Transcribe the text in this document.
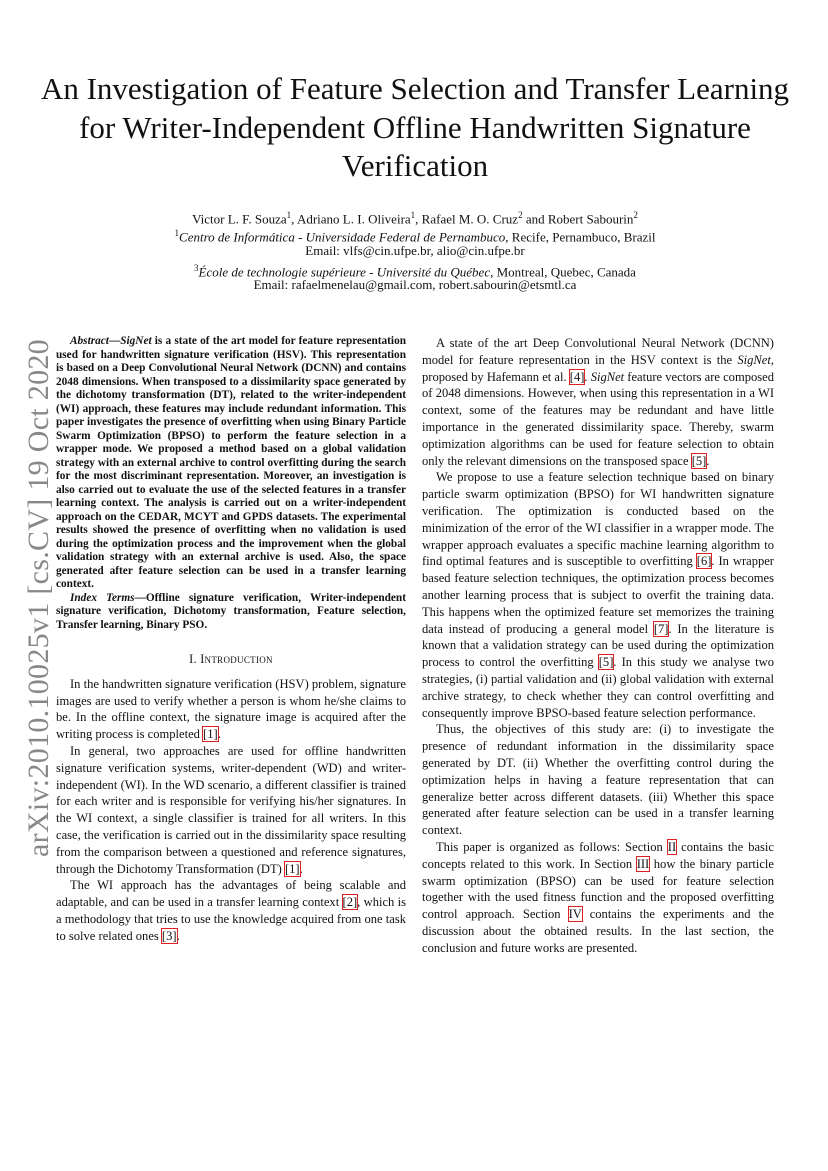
arXiv:2010.10025v1 [cs.CV] 19 Oct 2020
An Investigation of Feature Selection and Transfer Learning for Writer-Independent Offline Handwritten Signature Verification
Victor L. F. Souza$^1$, Adriano L. I. Oliveira$^1$, Rafael M. O. Cruz$^2$ and Robert Sabourin$^2$
$^1$Centro de Informática - Universidade Federal de Pernambuco, Recife, Pernambuco, Brazil
Email: vlfs@cin.ufpe.br, alio@cin.ufpe.br
$^3$École de technologie supérieure - Université du Québec, Montreal, Quebec, Canada
Email: rafaelmenelau@gmail.com, robert.sabourin@etsmtl.ca

Abstract—SigNet is a state of the art model for feature representation used for handwritten signature verification (HSV). This representation is based on a Deep Convolutional Neural Network (DCNN) and contains 2048 dimensions. When transposed to a dissimilarity space generated by the dichotomy transformation (DT), related to the writer-independent (WI) approach, these features may include redundant information. This paper investigates the presence of overfitting when using Binary Particle Swarm Optimization (BPSO) to perform the feature selection in a wrapper mode. We proposed a method based on a global validation strategy with an external archive to control overfitting during the search for the most discriminant representation. Moreover, an investigation is also carried out to evaluate the use of the selected features in a transfer learning context. The analysis is carried out on a writer-independent approach on the CEDAR, MCYT and GPDS datasets. The experimental results showed the presence of overfitting when no validation is used during the optimization process and the improvement when the global validation strategy with an external archive is used. Also, the space generated after feature selection can be used in a transfer learning context.

Index Terms—Offline signature verification, Writer-independent signature verification, Dichotomy transformation, Feature selection, Transfer learning, Binary PSO.

I. Introduction

In the handwritten signature verification (HSV) problem, signature images are used to verify whether a person is whom he/she claims to be. In the offline context, the signature image is acquired after the writing process is completed [1].

In general, two approaches are used for offline handwritten signature verification systems, writer-dependent (WD) and writer-independent (WI). In the WD scenario, a different classifier is trained for each writer and is responsible for verifying his/her signatures. In the WI context, a single classifier is trained for all writers. In this case, the verification is carried out in the dissimilarity space resulting from the comparison between a questioned and reference signatures, through the Dichotomy Transformation (DT) [1].

The WI approach has the advantages of being scalable and adaptable, and can be used in a transfer learning context [2], which is a methodology that tries to use the knowledge acquired from one task to solve related ones [3].

A state of the art Deep Convolutional Neural Network (DCNN) model for feature representation in the HSV context is the SigNet, proposed by Hafemann et al. [4]. SigNet feature vectors are composed of 2048 dimensions. However, when using this representation in a WI context, some of the features may be redundant and have little importance in the generated dissimilarity space. Thereby, swarm optimization algorithms can be used for feature selection to obtain only the relevant dimensions on the transposed space [5].

We propose to use a feature selection technique based on binary particle swarm optimization (BPSO) for WI handwritten signature verification. The optimization is conducted based on the minimization of the error of the WI classifier in a wrapper mode. The wrapper approach evaluates a specific machine learning algorithm to find optimal features and is susceptible to overfitting [6]. In wrapper based feature selection techniques, the optimization process becomes another learning process that is subject to overfit the training data. This happens when the optimized feature set memorizes the training data instead of producing a general model [7]. In the literature is known that a validation strategy can be used during the optimization process to control the overfitting [5]. In this study we analyse two strategies, (i) partial validation and (ii) global validation with external archive strategy, to check whether they can control overfitting and consequently improve BPSO-based feature selection performance.

Thus, the objectives of this study are: (i) to investigate the presence of redundant information in the dissimilarity space generated by DT. (ii) Whether the overfitting control during the optimization helps in having a feature representation that can generalize better across different datasets. (iii) Whether this space generated after feature selection can be used in a transfer learning context.

This paper is organized as follows: Section II contains the basic concepts related to this work. In Section III how the binary particle swarm optimization (BPSO) can be used for feature selection together with the used fitness function and the proposed overfitting control approach. Section IV contains the experiments and the discussion about the obtained results. In the last section, the conclusion and future works are presented.
